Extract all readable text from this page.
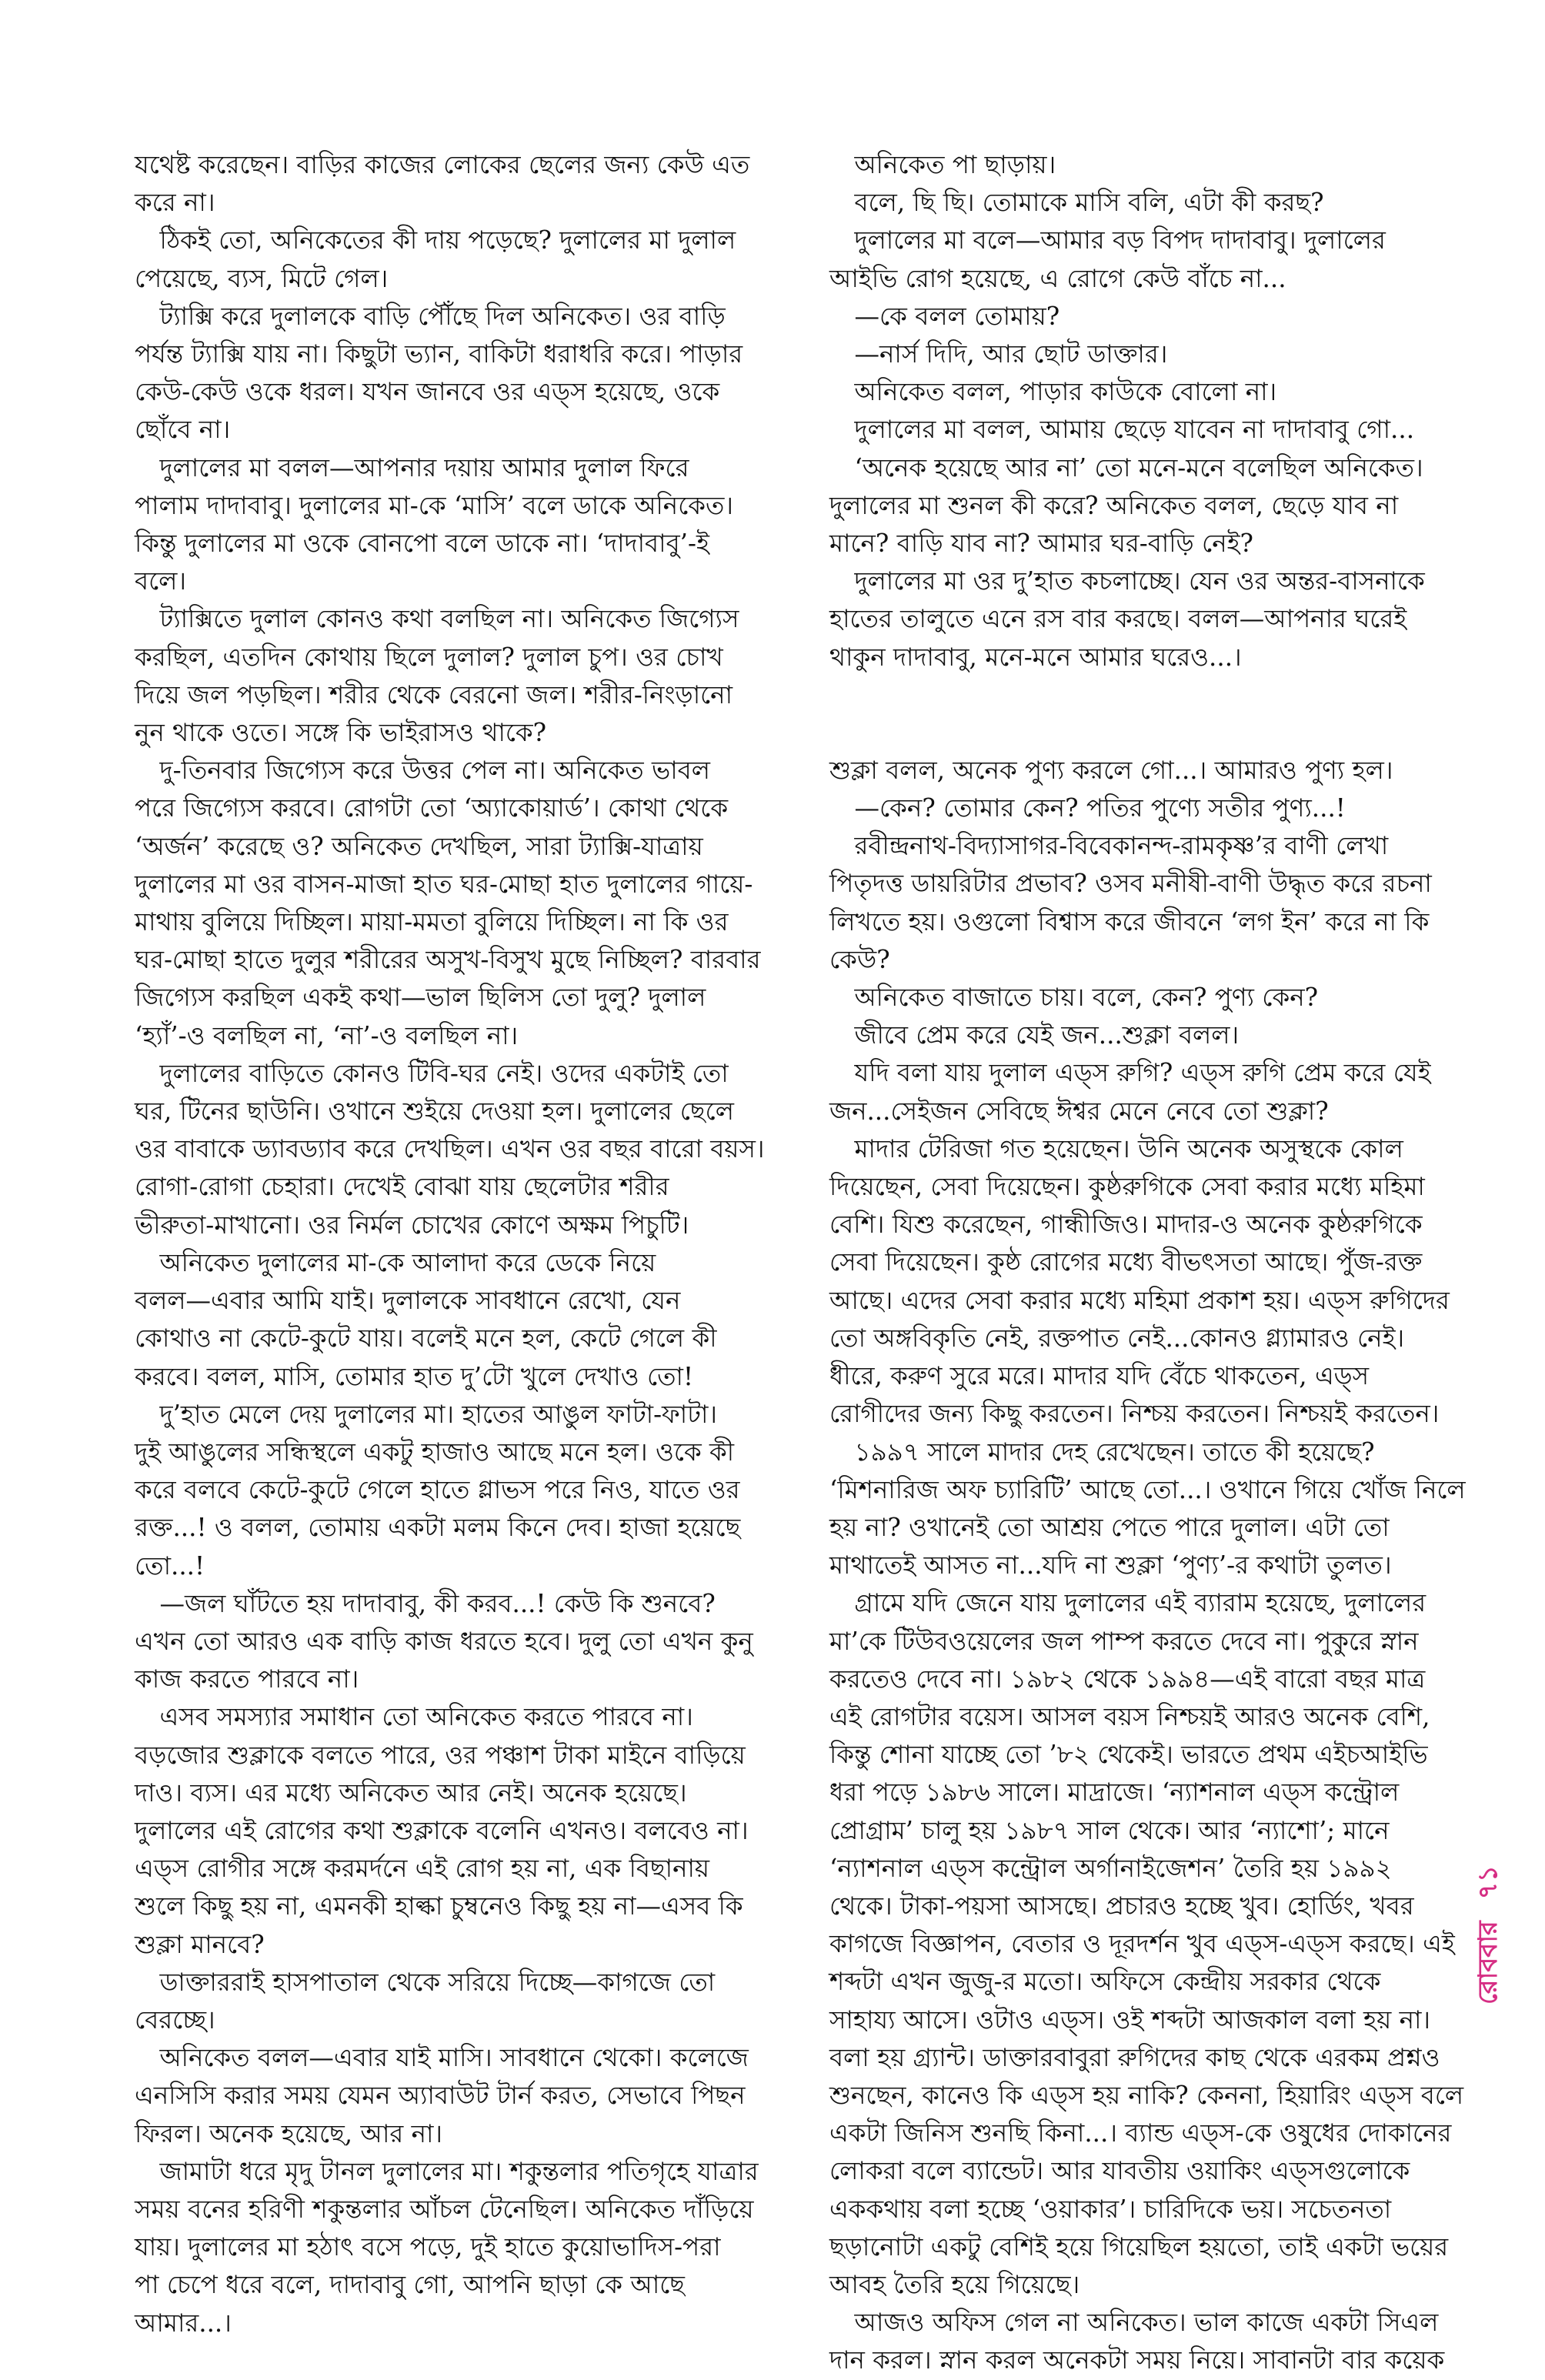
যথেষ্ট করেছেন। বাড়ির কাজের লোকের ছেলের জন্য কেউ এত

করে না।

 ঠিকই তো, অনিকেতের কী দায় পড়েছে? দুলালের মা দুলাল

পেয়েছে, ব্যস, মিটে গেল।

 ট্যাক্সি করে দুলালকে বাড়ি পৌঁছে দিল অনিকেত। ওর বাড়ি

পর্যন্ত ট্যাক্সি যায় না। কিছুটা ভ্যান, বাকিটা ধরাধরি করে। পাড়ার

কেউ-কেউ ওকে ধরল। যখন জানবে ওর এড্‌স হয়েছে, ওকে

ছোঁবে না।

 দুলালের মা বলল—আপনার দয়ায় আমার দুলাল ফিরে

পালাম দাদাবাবু। দুলালের মা-কে ‘মাসি’ বলে ডাকে অনিকেত।

কিন্তু দুলালের মা ওকে বোনপো বলে ডাকে না। ‘দাদাবাবু’-ই

বলে।

 ট্যাক্সিতে দুলাল কোনও কথা বলছিল না। অনিকেত জিগ্যেস

করছিল, এতদিন কোথায় ছিলে দুলাল? দুলাল চুপ। ওর চোখ

দিয়ে জল পড়ছিল। শরীর থেকে বেরনো জল। শরীর-নিংড়ানো

নুন থাকে ওতে। সঙ্গে কি ভাইরাসও থাকে?

 দু-তিনবার জিগ্যেস করে উত্তর পেল না। অনিকেত ভাবল

পরে জিগ্যেস করবে। রোগটা তো ‘অ্যাকোয়ার্ড’। কোথা থেকে

‘অর্জন’ করেছে ও? অনিকেত দেখছিল, সারা ট্যাক্সি-যাত্রায়

দুলালের মা ওর বাসন-মাজা হাত ঘর-মোছা হাত দুলালের গায়ে-

মাথায় বুলিয়ে দিচ্ছিল। মায়া-মমতা বুলিয়ে দিচ্ছিল। না কি ওর

ঘর-মোছা হাতে দুলুর শরীরের অসুখ-বিসুখ মুছে নিচ্ছিল? বারবার

জিগ্যেস করছিল একই কথা—ভাল ছিলিস তো দুলু? দুলাল

‘হ্যাঁ’-ও বলছিল না, ‘না’-ও বলছিল না।

 দুলালের বাড়িতে কোনও টিবি-ঘর নেই। ওদের একটাই তো

ঘর, টিনের ছাউনি। ওখানে শুইয়ে দেওয়া হল। দুলালের ছেলে

ওর বাবাকে ড্যাবড্যাব করে দেখছিল। এখন ওর বছর বারো বয়স।

রোগা-রোগা চেহারা। দেখেই বোঝা যায় ছেলেটার শরীর

ভীরুতা-মাখানো। ওর নির্মল চোখের কোণে অক্ষম পিচুটি।

 অনিকেত দুলালের মা-কে আলাদা করে ডেকে নিয়ে

বলল—এবার আমি যাই। দুলালকে সাবধানে রেখো, যেন

কোথাও না কেটে-কুটে যায়। বলেই মনে হল, কেটে গেলে কী

করবে। বলল, মাসি, তোমার হাত দু’টো খুলে দেখাও তো!

 দু’হাত মেলে দেয় দুলালের মা। হাতের আঙুল ফাটা-ফাটা।

দুই আঙুলের সন্ধিস্থলে একটু হাজাও আছে মনে হল। ওকে কী

করে বলবে কেটে-কুটে গেলে হাতে গ্লাভস পরে নিও, যাতে ওর

রক্ত...! ও বলল, তোমায় একটা মলম কিনে দেব। হাজা হয়েছে

তো...!

 —জল ঘাঁটতে হয় দাদাবাবু, কী করব...! কেউ কি শুনবে?

এখন তো আরও এক বাড়ি কাজ ধরতে হবে। দুলু তো এখন কুনু

কাজ করতে পারবে না।

 এসব সমস্যার সমাধান তো অনিকেত করতে পারবে না।

বড়জোর শুক্লাকে বলতে পারে, ওর পঞ্চাশ টাকা মাইনে বাড়িয়ে

দাও। ব্যস। এর মধ্যে অনিকেত আর নেই। অনেক হয়েছে।

দুলালের এই রোগের কথা শুক্লাকে বলেনি এখনও। বলবেও না।

এড্‌স রোগীর সঙ্গে করমর্দনে এই রোগ হয় না, এক বিছানায়

শুলে কিছু হয় না, এমনকী হাল্কা চুম্বনেও কিছু হয় না—এসব কি

শুক্লা মানবে?

 ডাক্তাররাই হাসপাতাল থেকে সরিয়ে দিচ্ছে—কাগজে তো

বেরচ্ছে।

 অনিকেত বলল—এবার যাই মাসি। সাবধানে থেকো। কলেজে

এনসিসি করার সময় যেমন অ্যাবাউট টার্ন করত, সেভাবে পিছন

ফিরল। অনেক হয়েছে, আর না।

 জামাটা ধরে মৃদু টানল দুলালের মা। শকুন্তলার পতিগৃহে যাত্রার

সময় বনের হরিণী শকুন্তলার আঁচল টেনেছিল। অনিকেত দাঁড়িয়ে

যায়। দুলালের মা হঠাৎ বসে পড়ে, দুই হাতে কুয়োভাদিস-পরা

পা চেপে ধরে বলে, দাদাবাবু গো, আপনি ছাড়া কে আছে

আমার...।

 অনিকেত পা ছাড়ায়।

 বলে, ছি ছি। তোমাকে মাসি বলি, এটা কী করছ?

 দুলালের মা বলে—আমার বড় বিপদ দাদাবাবু। দুলালের

আইভি রোগ হয়েছে, এ রোগে কেউ বাঁচে না...

 —কে বলল তোমায়?

 —নার্স দিদি, আর ছোট ডাক্তার।

 অনিকেত বলল, পাড়ার কাউকে বোলো না।

 দুলালের মা বলল, আমায় ছেড়ে যাবেন না দাদাবাবু গো...

 ‘অনেক হয়েছে আর না’ তো মনে-মনে বলেছিল অনিকেত।

দুলালের মা শুনল কী করে? অনিকেত বলল, ছেড়ে যাব না

মানে? বাড়ি যাব না? আমার ঘর-বাড়ি নেই?

 দুলালের মা ওর দু’হাত কচলাচ্ছে। যেন ওর অন্তর-বাসনাকে

হাতের তালুতে এনে রস বার করছে। বলল—আপনার ঘরেই

থাকুন দাদাবাবু, মনে-মনে আমার ঘরেও...।

শুক্লা বলল, অনেক পুণ্য করলে গো...। আমারও পুণ্য হল।

 —কেন? তোমার কেন? পতির পুণ্যে সতীর পুণ্য...!

 রবীন্দ্রনাথ-বিদ্যাসাগর-বিবেকানন্দ-রামকৃষ্ণ’র বাণী লেখা

পিতৃদত্ত ডায়রিটার প্রভাব? ওসব মনীষী-বাণী উদ্ধৃত করে রচনা

লিখতে হয়। ওগুলো বিশ্বাস করে জীবনে ‘লগ ইন’ করে না কি

কেউ?

 অনিকেত বাজাতে চায়। বলে, কেন? পুণ্য কেন?

 জীবে প্রেম করে যেই জন...শুক্লা বলল।

 যদি বলা যায় দুলাল এড্‌স রুগি? এড্‌স রুগি প্রেম করে যেই

জন...সেইজন সেবিছে ঈশ্বর মেনে নেবে তো শুক্লা?

 মাদার টেরিজা গত হয়েছেন। উনি অনেক অসুস্থকে কোল

দিয়েছেন, সেবা দিয়েছেন। কুষ্ঠরুগিকে সেবা করার মধ্যে মহিমা

বেশি। যিশু করেছেন, গান্ধীজিও। মাদার-ও অনেক কুষ্ঠরুগিকে

সেবা দিয়েছেন। কুষ্ঠ রোগের মধ্যে বীভৎসতা আছে। পুঁজ-রক্ত

আছে। এদের সেবা করার মধ্যে মহিমা প্রকাশ হয়। এড্‌স রুগিদের

তো অঙ্গবিকৃতি নেই, রক্তপাত নেই...কোনও গ্ল্যামারও নেই।

ধীরে, করুণ সুরে মরে। মাদার যদি বেঁচে থাকতেন, এড্‌স

রোগীদের জন্য কিছু করতেন। নিশ্চয় করতেন। নিশ্চয়ই করতেন।

 ১৯৯৭ সালে মাদার দেহ রেখেছেন। তাতে কী হয়েছে?

‘মিশনারিজ অফ চ্যারিটি’ আছে তো...। ওখানে গিয়ে খোঁজ নিলে

হয় না? ওখানেই তো আশ্রয় পেতে পারে দুলাল। এটা তো

মাথাতেই আসত না...যদি না শুক্লা ‘পুণ্য’-র কথাটা তুলত।

 গ্রামে যদি জেনে যায় দুলালের এই ব্যারাম হয়েছে, দুলালের

মা’কে টিউবওয়েলের জল পাম্প করতে দেবে না। পুকুরে স্নান

করতেও দেবে না। ১৯৮২ থেকে ১৯৯৪—এই বারো বছর মাত্র

এই রোগটার বয়েস। আসল বয়স নিশ্চয়ই আরও অনেক বেশি,

কিন্তু শোনা যাচ্ছে তো ’৮২ থেকেই। ভারতে প্রথম এইচআইভি

ধরা পড়ে ১৯৮৬ সালে। মাদ্রাজে। ‘ন্যাশনাল এড্‌স কন্ট্রোল

প্রোগ্রাম’ চালু হয় ১৯৮৭ সাল থেকে। আর ‘ন্যাশো’; মানে

‘ন্যাশনাল এড্‌স কন্ট্রোল অর্গানাইজেশন’ তৈরি হয় ১৯৯২

থেকে। টাকা-পয়সা আসছে। প্রচারও হচ্ছে খুব। হোর্ডিং, খবর

কাগজে বিজ্ঞাপন, বেতার ও দূরদর্শন খুব এড্‌স-এড্‌স করছে। এই

শব্দটা এখন জুজু-র মতো। অফিসে কেন্দ্রীয় সরকার থেকে

সাহায্য আসে। ওটাও এড্‌স। ওই শব্দটা আজকাল বলা হয় না।

বলা হয় গ্র্যান্ট। ডাক্তারবাবুরা রুগিদের কাছ থেকে এরকম প্রশ্নও

শুনছেন, কানেও কি এড্‌স হয় নাকি? কেননা, হিয়ারিং এড্‌স বলে

একটা জিনিস শুনছি কিনা...। ব্যান্ড এড্‌স-কে ওষুধের দোকানের

লোকরা বলে ব্যান্ডেট। আর যাবতীয় ওয়াকিং এড্‌সগুলোকে

এককথায় বলা হচ্ছে ‘ওয়াকার’। চারিদিকে ভয়। সচেতনতা

ছড়ানোটা একটু বেশিই হয়ে গিয়েছিল হয়তো, তাই একটা ভয়ের

আবহ তৈরি হয়ে গিয়েছে।

 আজও অফিস গেল না অনিকেত। ভাল কাজে একটা সিএল

দান করল। স্নান করল অনেকটা সময় নিয়ে। সাবানটা বার কয়েক

রোববার
৭১
